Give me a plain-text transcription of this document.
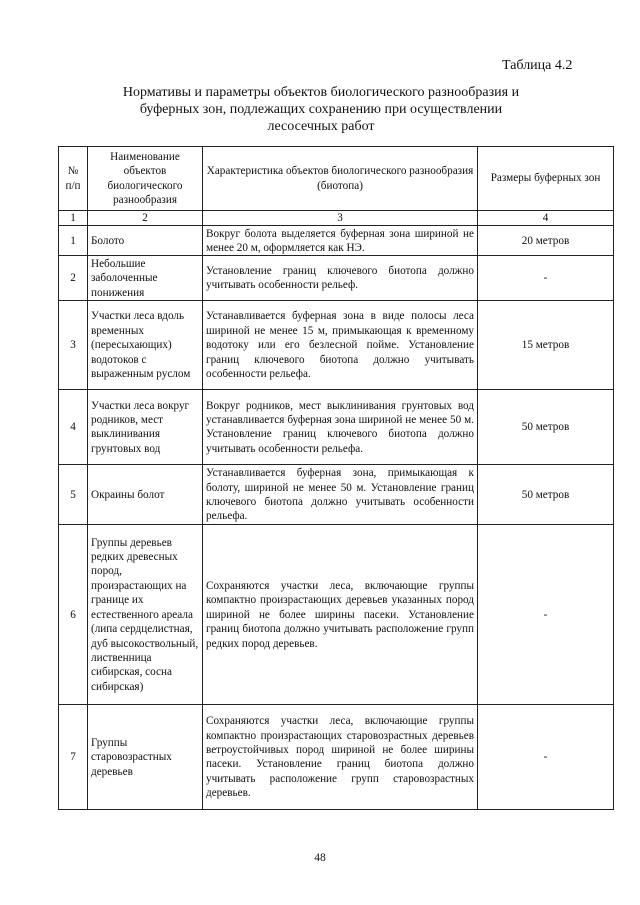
Таблица 4.2
Нормативы и параметры объектов биологического разнообразия и буферных зон, подлежащих сохранению при осуществлении лесосечных работ
№ п/п	Наименование объектов биологического разнообразия	Характеристика объектов биологического разнообразия (биотопа)	Размеры буферных зон
1	2	3	4
1	Болото	Вокруг болота выделяется буферная зона шириной не менее 20 м, оформляется как НЭ.	20 метров
2	Небольшие заболоченные понижения	Установление границ ключевого биотопа должно учитывать особенности рельеф.	-
3	Участки леса вдоль временных (пересыхающих) водотоков с выраженным руслом	Устанавливается буферная зона в виде полосы леса шириной не менее 15 м, примыкающая к временному водотоку или его безлесной пойме. Установление границ ключевого биотопа должно учитывать особенности рельефа.	15 метров
4	Участки леса вокруг родников, мест выклинивания грунтовых вод	Вокруг родников, мест выклинивания грунтовых вод устанавливается буферная зона шириной не менее 50 м. Установление границ ключевого биотопа должно учитывать особенности рельефа.	50 метров
5	Окраины болот	Устанавливается буферная зона, примыкающая к болоту, шириной не менее 50 м. Установление границ ключевого биотопа должно учитывать особенности рельефа.	50 метров
6	Группы деревьев редких древесных пород, произрастающих на границе их естественного ареала (липа сердцелистная, дуб высокоствольный, лиственница сибирская, сосна сибирская)	Сохраняются участки леса, включающие группы компактно произрастающих деревьев указанных пород шириной не более ширины пасеки. Установление границ биотопа должно учитывать расположение групп редких пород деревьев.	-
7	Группы старовозрастных деревьев	Сохраняются участки леса, включающие группы компактно произрастающих старовозрастных деревьев ветроустойчивых пород шириной не более ширины пасеки. Установление границ биотопа должно учитывать расположение групп старовозрастных деревьев.	-
48
